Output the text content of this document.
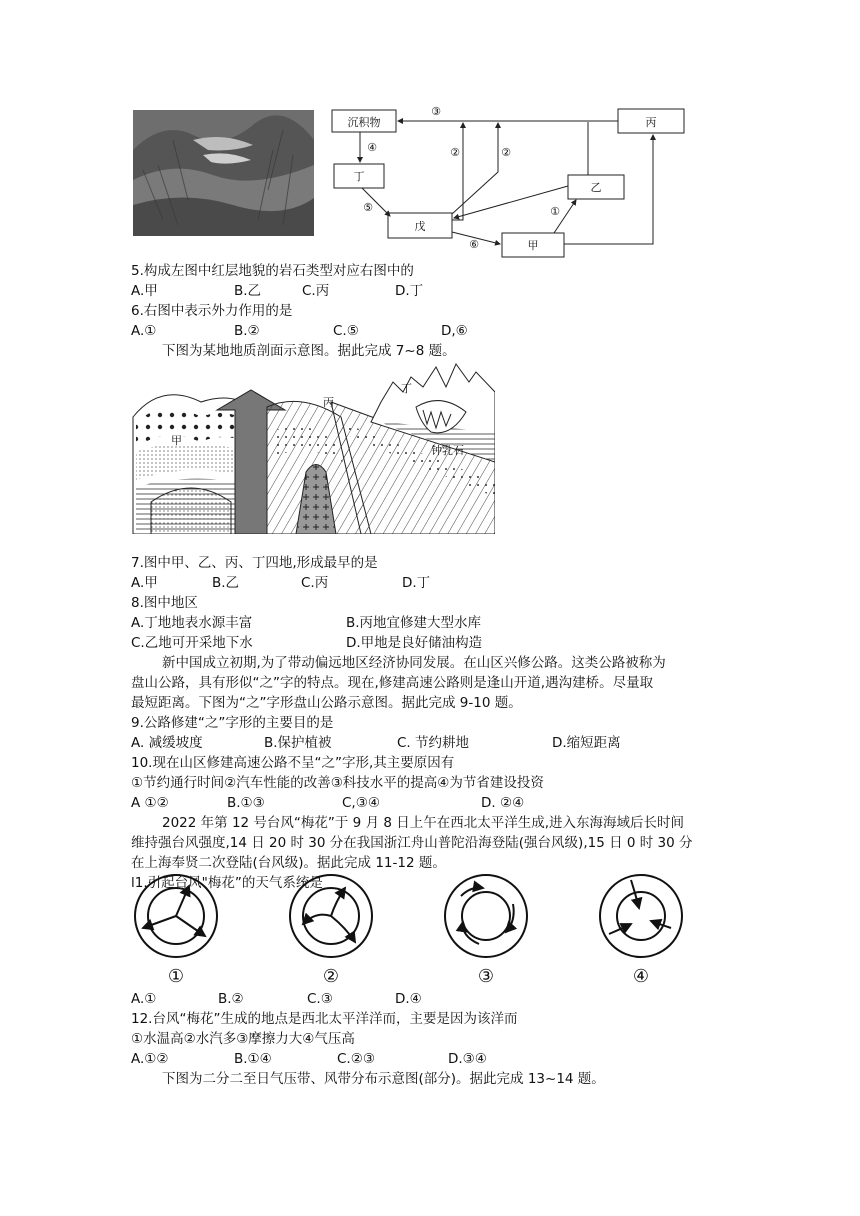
沉积物	丙
丁
乙
戊
甲
③
④	②	②
⑤
⑥
①
5.构成左图中红层地貌的岩石类型对应右图中的
A.甲	B.乙	C.丙	D.丁
6.右图中表示外力作用的是
A.①	B.②	C.⑤	D,⑥
下图为某地地质剖面示意图。据此完成 7~8 题。
甲
丙
丁
钟乳石
7.图中甲、乙、丙、丁四地,形成最早的是
A.甲	B.乙	C.丙	D.丁
8.图中地区
A.丁地地表水源丰富	B.丙地宜修建大型水库
C.乙地可开采地下水	D.甲地是良好储油构造
新中国成立初期,为了带动偏远地区经济协同发展。在山区兴修公路。这类公路被称为
盘山公路，具有形似“之”字的特点。现在,修建高速公路则是逢山开道,遇沟建桥。尽量取
最短距离。下图为“之”字形盘山公路示意图。据此完成 9-10 题。
9.公路修建“之”字形的主要目的是
A. 减缓坡度	B.保护植被	C. 节约耕地	D.缩短距离
10.现在山区修建高速公路不呈“之”字形,其主要原因有
①节约通行时间②汽车性能的改善③科技水平的提高④为节省建设投资
A ①②	B.①③	C,③④	D. ②④
2022 年第 12 号台风“梅花”于 9 月 8 日上午在西北太平洋生成,进入东海海域后长时间
维持强台风强度,14 日 20 时 30 分在我国浙江舟山普陀沿海登陆(强台风级),15 日 0 时 30 分
在上海奉贤二次登陆(台风级)。据此完成 11-12 题。
l1.引起台风"梅花”的天气系统是
①	②	③	④
A.①	B.②	C.③	D.④
12.台风“梅花”生成的地点是西北太平洋洋而，主要是因为该洋而
①水温高②水汽多③摩擦力大④气压高
A.①②	B.①④	C.②③	D.③④
下图为二分二至日气压带、风带分布示意图(部分)。据此完成 13~14 题。
